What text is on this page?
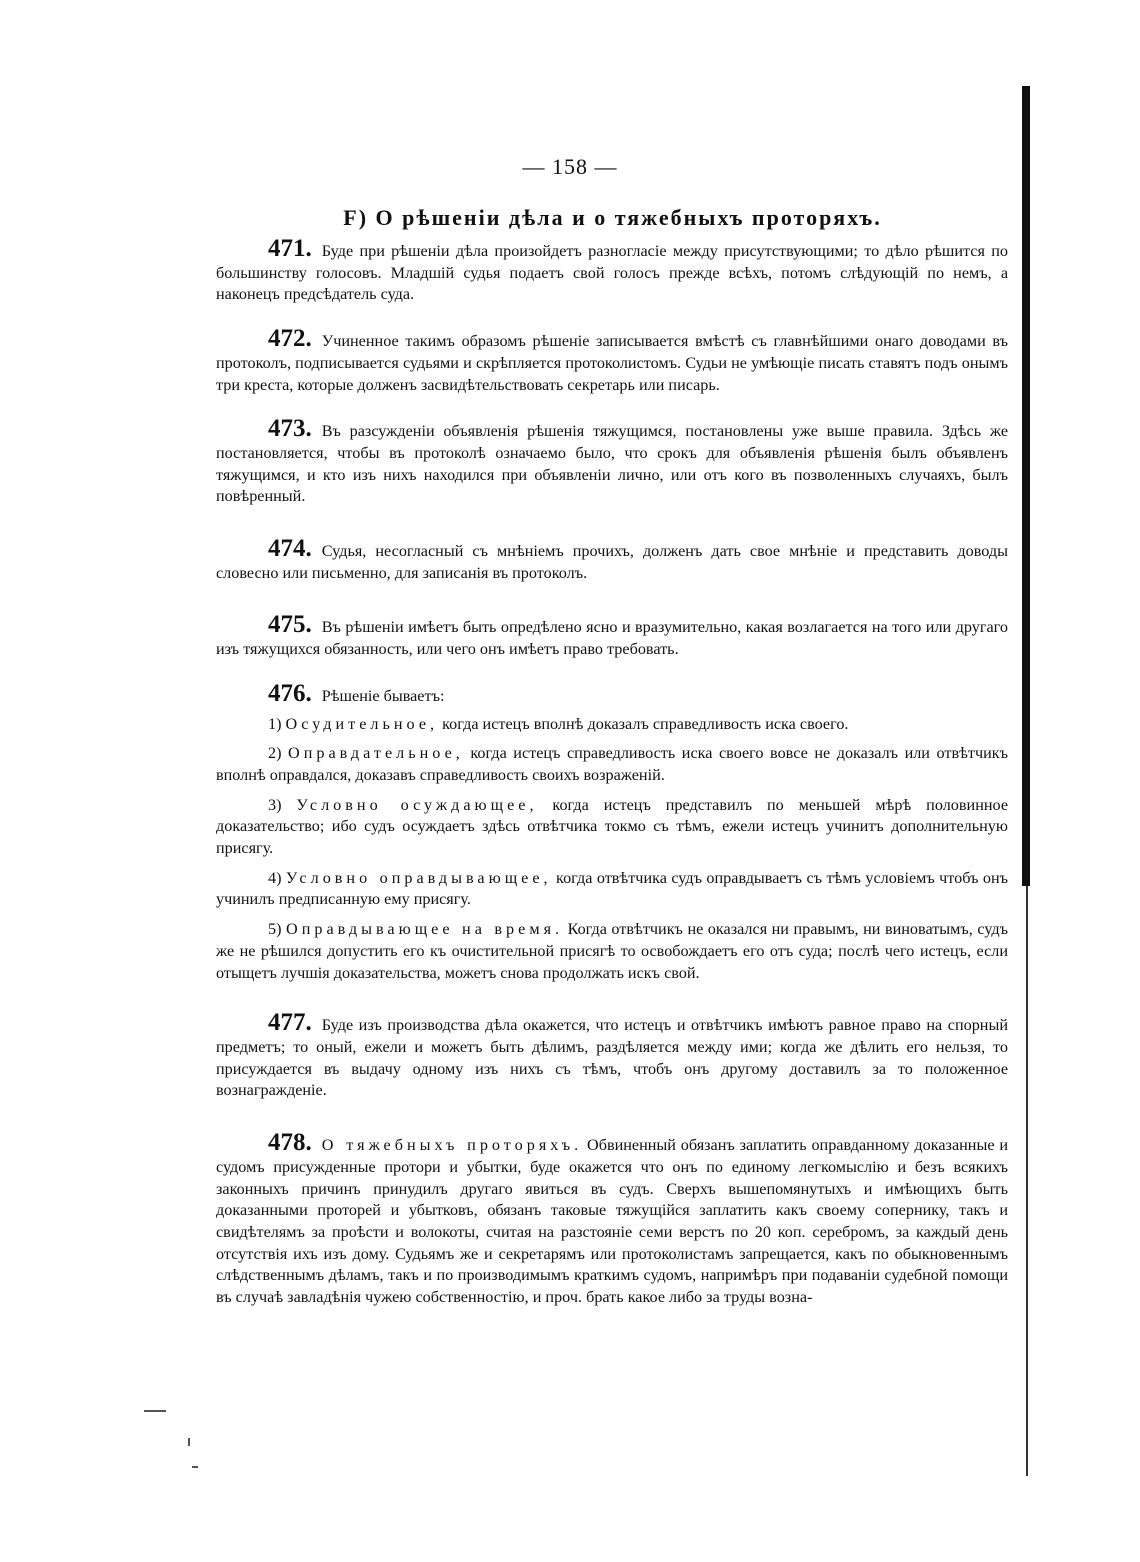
— 158 —
F) О рѣшеніи дѣла и о тяжебныхъ проторяхъ.

471. Буде при рѣшеніи дѣла произойдетъ разногласіе между присутствующими; то дѣло рѣшится по большинству голосовъ. Младшій судья подаетъ свой голосъ прежде всѣхъ, потомъ слѣдующій по немъ, а наконецъ предсѣдатель суда.

472. Учиненное такимъ образомъ рѣшеніе записывается вмѣстѣ съ главнѣйшими онаго доводами въ протоколъ, подписывается судьями и скрѣпляется протоколистомъ. Судьи не умѣющіе писать ставятъ подъ онымъ три креста, которые долженъ засвидѣтельствовать секретарь или писарь.

473. Въ разсужденіи объявленія рѣшенія тяжущимся, постановлены уже выше правила. Здѣсь же постановляется, чтобы въ протоколѣ означаемо было, что срокъ для объявленія рѣшенія былъ объявленъ тяжущимся, и кто изъ нихъ находился при объявленіи лично, или отъ кого въ позволенныхъ случаяхъ, былъ повѣренный.

474. Судья, несогласный съ мнѣніемъ прочихъ, долженъ дать свое мнѣніе и представить доводы словесно или письменно, для записанія въ протоколъ.

475. Въ рѣшеніи имѣетъ быть опредѣлено ясно и вразумительно, какая возлагается на того или другаго изъ тяжущихся обязанность, или чего онъ имѣетъ право требовать.

476. Рѣшеніе бываетъ:

1) Осудительное, когда истецъ вполнѣ доказалъ справедливость иска своего.

2) Оправдательное, когда истецъ справедливость иска своего вовсе не доказалъ или отвѣтчикъ вполнѣ оправдался, доказавъ справедливость своихъ возраженій.

3) Условно осуждающее, когда истецъ представилъ по меньшей мѣрѣ половинное доказательство; ибо судъ осуждаетъ здѣсь отвѣтчика токмо съ тѣмъ, ежели истецъ учинитъ дополнительную присягу.

4) Условно оправдывающее, когда отвѣтчика судъ оправдываетъ съ тѣмъ условіемъ чтобъ онъ учинилъ предписанную ему присягу.

5) Оправдывающее на время. Когда отвѣтчикъ не оказался ни правымъ, ни виноватымъ, судъ же не рѣшился допустить его къ очистительной присягѣ то освобождаетъ его отъ суда; послѣ чего истецъ, если отыщетъ лучшія доказательства, можетъ снова продолжать искъ свой.

477. Буде изъ производства дѣла окажется, что истецъ и отвѣтчикъ имѣютъ равное право на спорный предметъ; то оный, ежели и можетъ быть дѣлимъ, раздѣляется между ими; когда же дѣлить его нельзя, то присуждается въ выдачу одному изъ нихъ съ тѣмъ, чтобъ онъ другому доставилъ за то положенное вознагражденіе.

478. О тяжебныхъ проторяхъ. Обвиненный обязанъ заплатить оправданному доказанные и судомъ присужденные протори и убытки, буде окажется что онъ по единому легкомыслію и безъ всякихъ законныхъ причинъ принудилъ другаго явиться въ судъ. Сверхъ вышепомянутыхъ и имѣющихъ быть доказанными проторей и убытковъ, обязанъ таковые тяжущійся заплатить какъ своему сопернику, такъ и свидѣтелямъ за проѣсти и волокоты, считая на разстояніе семи верстъ по 20 коп. серебромъ, за каждый день отсутствія ихъ изъ дому. Судьямъ же и секретарямъ или протоколистамъ запрещается, какъ по обыкновеннымъ слѣдственнымъ дѣламъ, такъ и по производимымъ краткимъ судомъ, напримѣръ при подаваніи судебной помощи въ случаѣ завладѣнія чужею собственностію, и проч. брать какое либо за труды возна-
